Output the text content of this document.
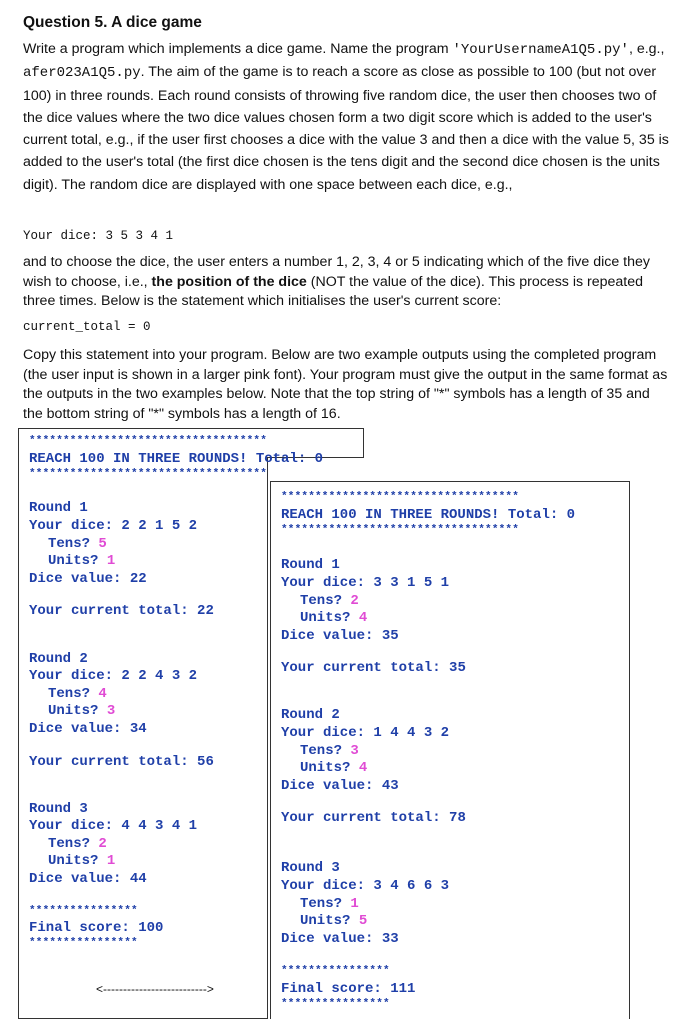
Question 5. A dice game
Write a program which implements a dice game. Name the program 'YourUsernameA1Q5.py', e.g., afer023A1Q5.py. The aim of the game is to reach a score as close as possible to 100 (but not over 100) in three rounds. Each round consists of throwing five random dice, the user then chooses two of the dice values where the two dice values chosen form a two digit score which is added to the user's current total, e.g., if the user first chooses a dice with the value 3 and then a dice with the value 5, 35 is added to the user's total (the first dice chosen is the tens digit and the second dice chosen is the units digit). The random dice are displayed with one space between each dice, e.g.,
Your dice: 3 5 3 4 1
and to choose the dice, the user enters a number 1, 2, 3, 4 or 5 indicating which of the five dice they wish to choose, i.e., the position of the dice (NOT the value of the dice). This process is repeated three times. Below is the statement which initialises the user's current score:
current_total = 0
Copy this statement into your program. Below are two example outputs using the completed program (the user input is shown in a larger pink font). Your program must give the output in the same format as the outputs in the two examples below. Note that the top string of "*" symbols has a length of 35 and the bottom string of "*" symbols has a length of 16.
***********************************
REACH 100 IN THREE ROUNDS! Total: 0
***********************************
Round 1
Your dice: 2 2 1 5 2
Tens? 5
Units? 1
Dice value: 22
Your current total: 22
Round 2
Your dice: 2 2 4 3 2
Tens? 4
Units? 3
Dice value: 34
Your current total: 56
Round 3
Your dice: 4 4 3 4 1
Tens? 2
Units? 1
Dice value: 44
****************
Final score: 100
****************
***********************************
REACH 100 IN THREE ROUNDS! Total: 0
***********************************
Round 1
Your dice: 3 3 1 5 1
Tens? 2
Units? 4
Dice value: 35
Your current total: 35
Round 2
Your dice: 1 4 4 3 2
Tens? 3
Units? 4
Dice value: 43
Your current total: 78
Round 3
Your dice: 3 4 6 6 3
Tens? 1
Units? 5
Dice value: 33
****************
Final score: 111
****************
<-------------------------->
